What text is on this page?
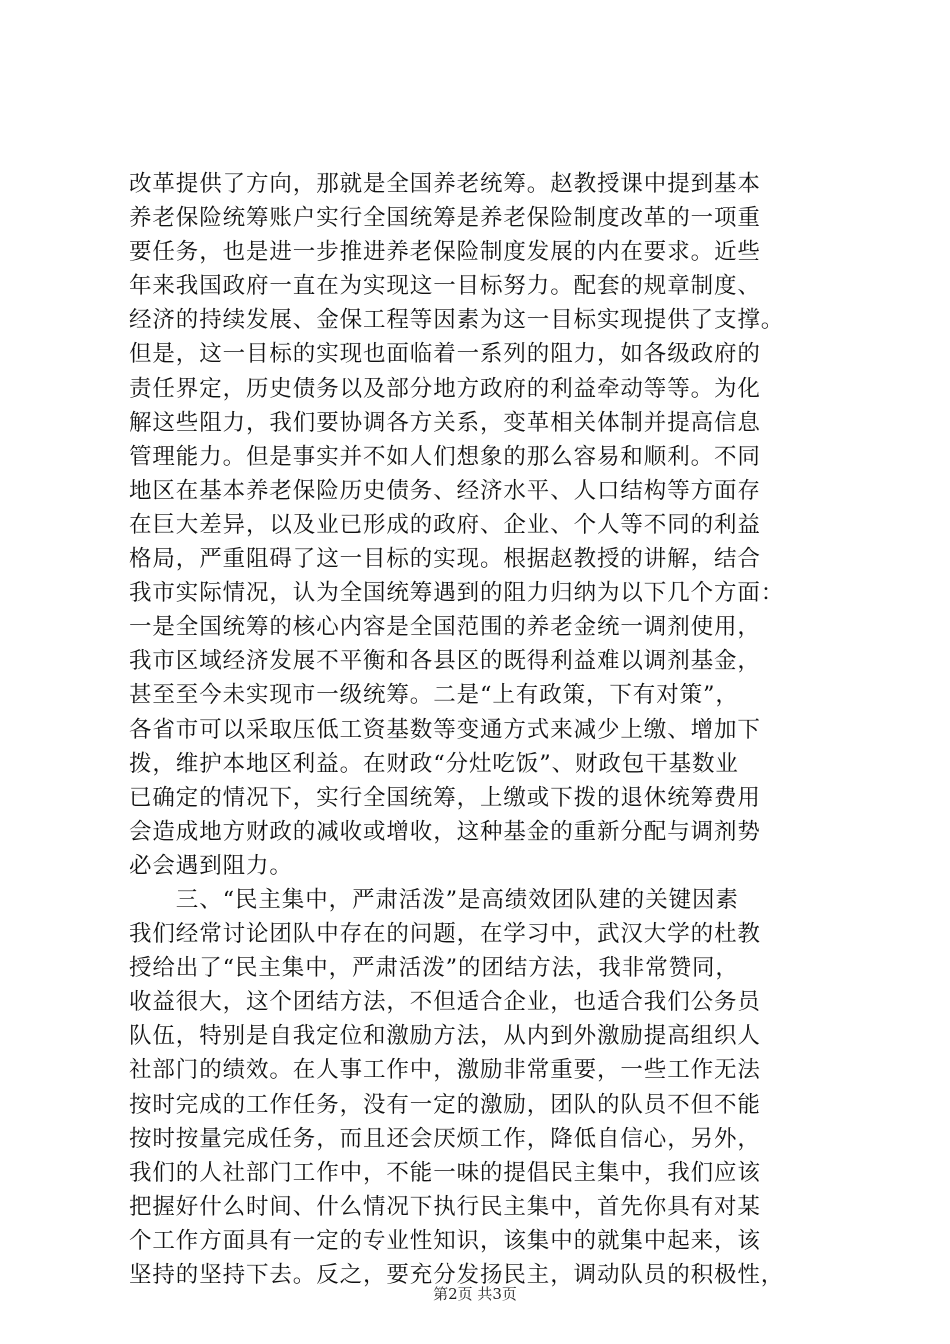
改革提供了方向，那就是全国养老统筹。赵教授课中提到基本
养老保险统筹账户实行全国统筹是养老保险制度改革的一项重
要任务，也是进一步推进养老保险制度发展的内在要求。近些
年来我国政府一直在为实现这一目标努力。配套的规章制度、
经济的持续发展、金保工程等因素为这一目标实现提供了支撑。
但是，这一目标的实现也面临着一系列的阻力，如各级政府的
责任界定，历史债务以及部分地方政府的利益牵动等等。为化
解这些阻力，我们要协调各方关系，变革相关体制并提高信息
管理能力。但是事实并不如人们想象的那么容易和顺利。不同
地区在基本养老保险历史债务、经济水平、人口结构等方面存
在巨大差异，以及业已形成的政府、企业、个人等不同的利益
格局，严重阻碍了这一目标的实现。根据赵教授的讲解，结合
我市实际情况，认为全国统筹遇到的阻力归纳为以下几个方面：
一是全国统筹的核心内容是全国范围的养老金统一调剂使用，
我市区域经济发展不平衡和各县区的既得利益难以调剂基金，
甚至至今未实现市一级统筹。二是“上有政策，下有对策”，
各省市可以采取压低工资基数等变通方式来减少上缴、增加下
拨，维护本地区利益。在财政“分灶吃饭”、财政包干基数业
已确定的情况下，实行全国统筹，上缴或下拨的退休统筹费用
会造成地方财政的减收或增收，这种基金的重新分配与调剂势
必会遇到阻力。
　　三、“民主集中，严肃活泼”是高绩效团队建的关键因素
我们经常讨论团队中存在的问题，在学习中，武汉大学的杜教
授给出了“民主集中，严肃活泼”的团结方法，我非常赞同，
收益很大，这个团结方法，不但适合企业，也适合我们公务员
队伍，特别是自我定位和激励方法，从内到外激励提高组织人
社部门的绩效。在人事工作中，激励非常重要，一些工作无法
按时完成的工作任务，没有一定的激励，团队的队员不但不能
按时按量完成任务，而且还会厌烦工作，降低自信心，另外，
我们的人社部门工作中，不能一味的提倡民主集中，我们应该
把握好什么时间、什么情况下执行民主集中，首先你具有对某
个工作方面具有一定的专业性知识，该集中的就集中起来，该
坚持的坚持下去。反之，要充分发扬民主，调动队员的积极性，
第2页 共3页
